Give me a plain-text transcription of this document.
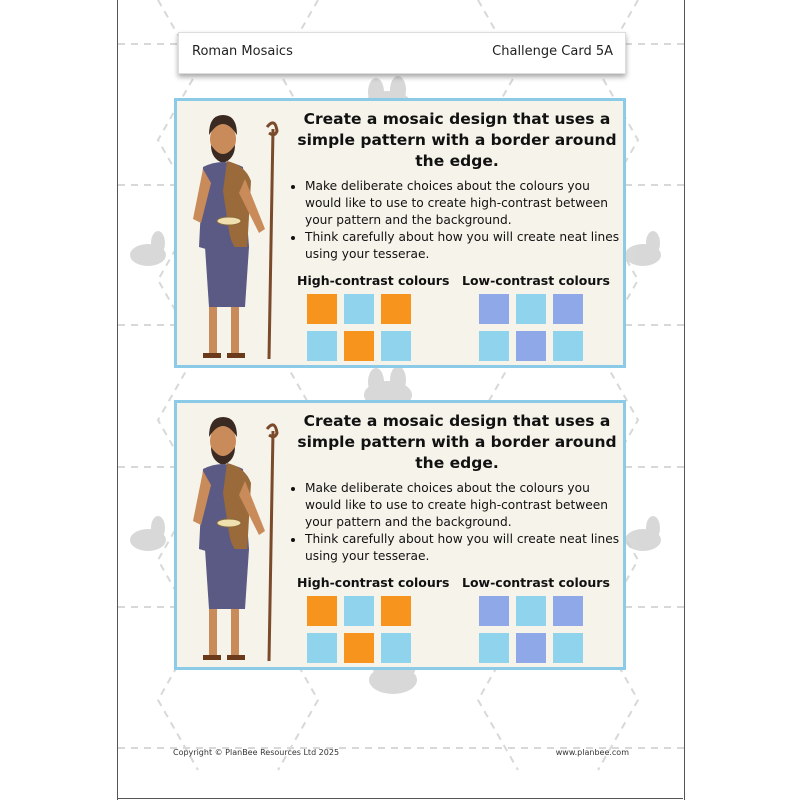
Roman Mosaics	Challenge Card 5A
Create a mosaic design that uses a simple pattern with a border around the edge.
• Make deliberate choices about the colours you would like to use to create high-contrast between your pattern and the background.
• Think carefully about how you will create neat lines using your tesserae.
High-contrast colours Low-contrast colours
Create a mosaic design that uses a simple pattern with a border around the edge.
• Make deliberate choices about the colours you would like to use to create high-contrast between your pattern and the background.
• Think carefully about how you will create neat lines using your tesserae.
High-contrast colours Low-contrast colours
Copyright © PlanBee Resources Ltd 2025	www.planbee.com
